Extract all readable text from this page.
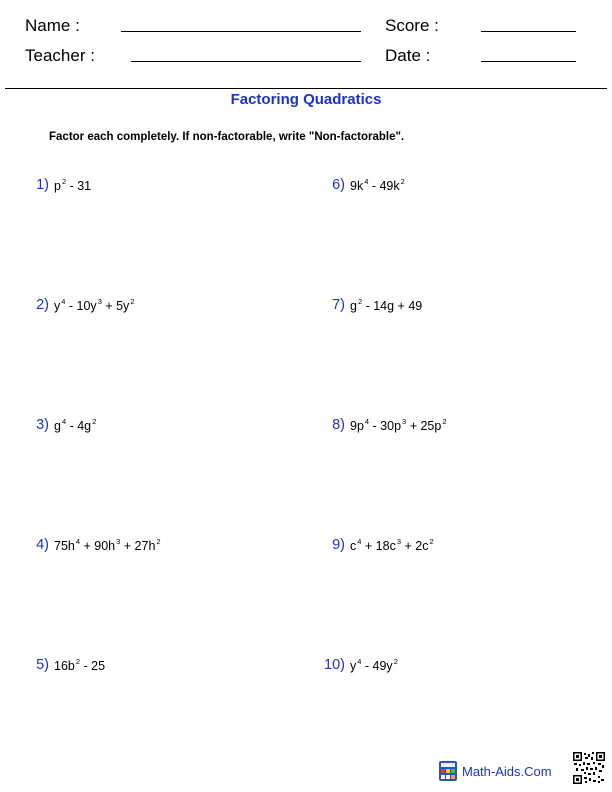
Name :	Score :
Teacher :	Date :
Factoring Quadratics
Factor each completely. If non-factorable, write "Non-factorable".
1) $p^2 - 31$
2) $y^4 - 10y^3 + 5y^2$
3) $g^4 - 4g^2$
4) $75h^4 + 90h^3 + 27h^2$
5) $16b^2 - 25$
6) $9k^4 - 49k^2$
7) $g^2 - 14g + 49$
8) $9p^4 - 30p^3 + 25p^2$
9) $c^4 + 18c^3 + 2c^2$
10) $y^4 - 49y^2$
Math-Aids.Com
